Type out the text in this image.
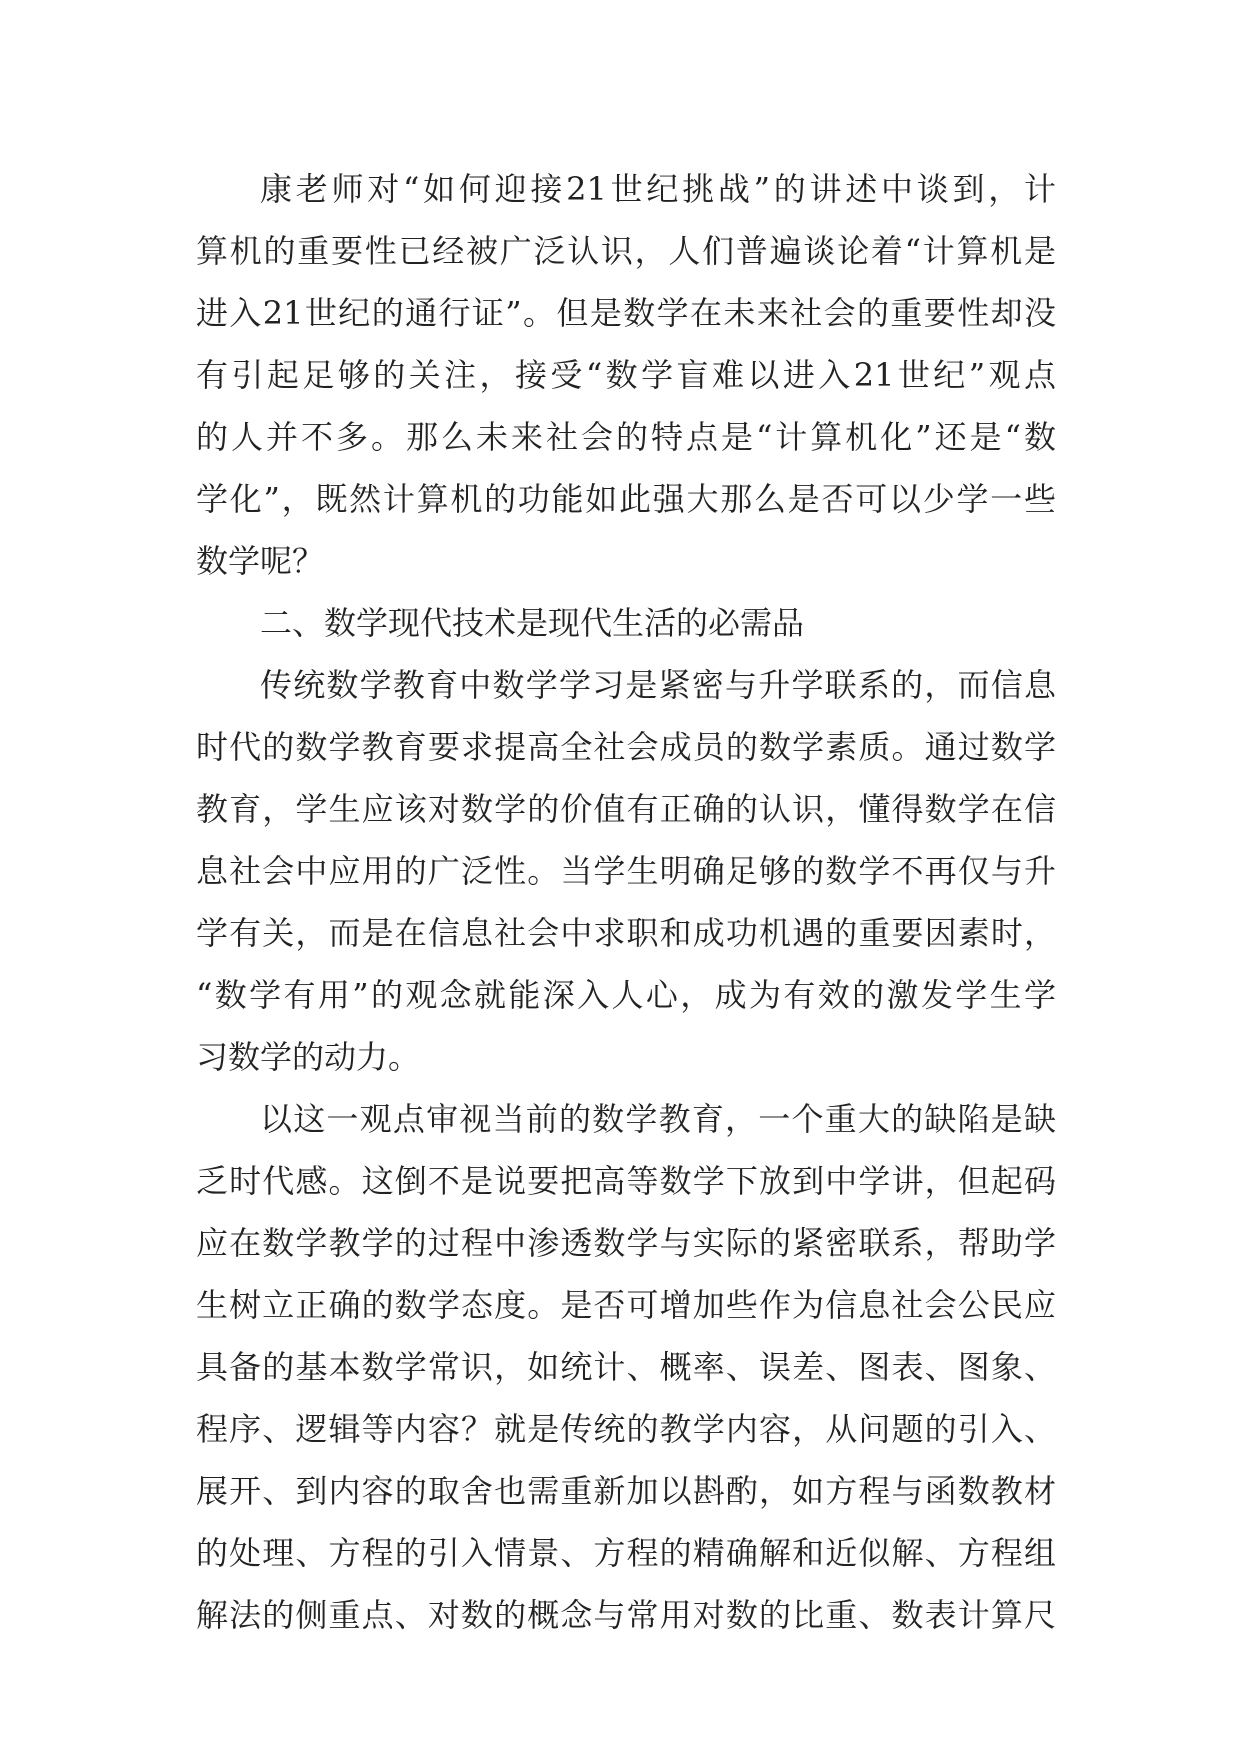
康老师对“如何迎接21世纪挑战”的讲述中谈到，计
算机的重要性已经被广泛认识，人们普遍谈论着“计算机是
进入21世纪的通行证”。但是数学在未来社会的重要性却没
有引起足够的关注，接受“数学盲难以进入21世纪”观点
的人并不多。那么未来社会的特点是“计算机化”还是“数
学化”，既然计算机的功能如此强大那么是否可以少学一些
数学呢？
二、数学现代技术是现代生活的必需品
传统数学教育中数学学习是紧密与升学联系的，而信息
时代的数学教育要求提高全社会成员的数学素质。通过数学
教育，学生应该对数学的价值有正确的认识，懂得数学在信
息社会中应用的广泛性。当学生明确足够的数学不再仅与升
学有关，而是在信息社会中求职和成功机遇的重要因素时，
“数学有用”的观念就能深入人心，成为有效的激发学生学
习数学的动力。
以这一观点审视当前的数学教育，一个重大的缺陷是缺
乏时代感。这倒不是说要把高等数学下放到中学讲，但起码
应在数学教学的过程中渗透数学与实际的紧密联系，帮助学
生树立正确的数学态度。是否可增加些作为信息社会公民应
具备的基本数学常识，如统计、概率、误差、图表、图象、
程序、逻辑等内容？就是传统的教学内容，从问题的引入、
展开、到内容的取舍也需重新加以斟酌，如方程与函数教材
的处理、方程的引入情景、方程的精确解和近似解、方程组
解法的侧重点、对数的概念与常用对数的比重、数表计算尺
